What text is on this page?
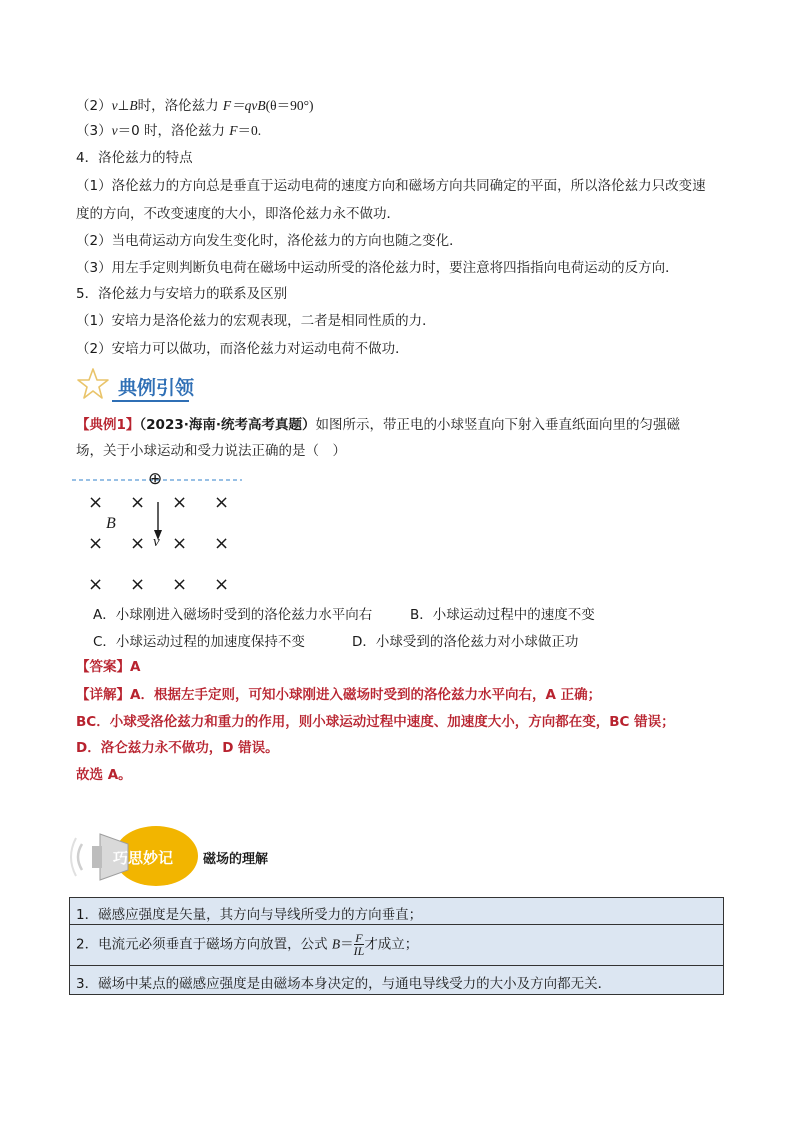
（2）v⊥B时，洛伦兹力 F＝qvB(θ＝90°)
（3）v＝0 时，洛伦兹力 F＝0.
4．洛伦兹力的特点
（1）洛伦兹力的方向总是垂直于运动电荷的速度方向和磁场方向共同确定的平面，所以洛伦兹力只改变速
度的方向，不改变速度的大小，即洛伦兹力永不做功．
（2）当电荷运动方向发生变化时，洛伦兹力的方向也随之变化．
（3）用左手定则判断负电荷在磁场中运动所受的洛伦兹力时，要注意将四指指向电荷运动的反方向．
5．洛伦兹力与安培力的联系及区别
（1）安培力是洛伦兹力的宏观表现，二者是相同性质的力．
（2）安培力可以做功，而洛伦兹力对运动电荷不做功．
典例引领
【典例1】（2023·海南·统考高考真题）如图所示，带正电的小球竖直向下射入垂直纸面向里的匀强磁
场，关于小球运动和受力说法正确的是（　）
⊕
× × × ×
B
× × v × ×
× × × ×
A．小球刚进入磁场时受到的洛伦兹力水平向右	B．小球运动过程中的速度不变
C．小球运动过程的加速度保持不变	D．小球受到的洛伦兹力对小球做正功
【答案】A
【详解】A．根据左手定则，可知小球刚进入磁场时受到的洛伦兹力水平向右，A 正确；
BC．小球受洛伦兹力和重力的作用，则小球运动过程中速度、加速度大小，方向都在变，BC 错误；
D．洛仑兹力永不做功，D 错误。
故选 A。
巧思妙记 磁场的理解
1．磁感应强度是矢量，其方向与导线所受力的方向垂直；
2．电流元必须垂直于磁场方向放置，公式 $B= \frac{F}{IL}$ 才成立；
3．磁场中某点的磁感应强度是由磁场本身决定的，与通电导线受力的大小及方向都无关．
